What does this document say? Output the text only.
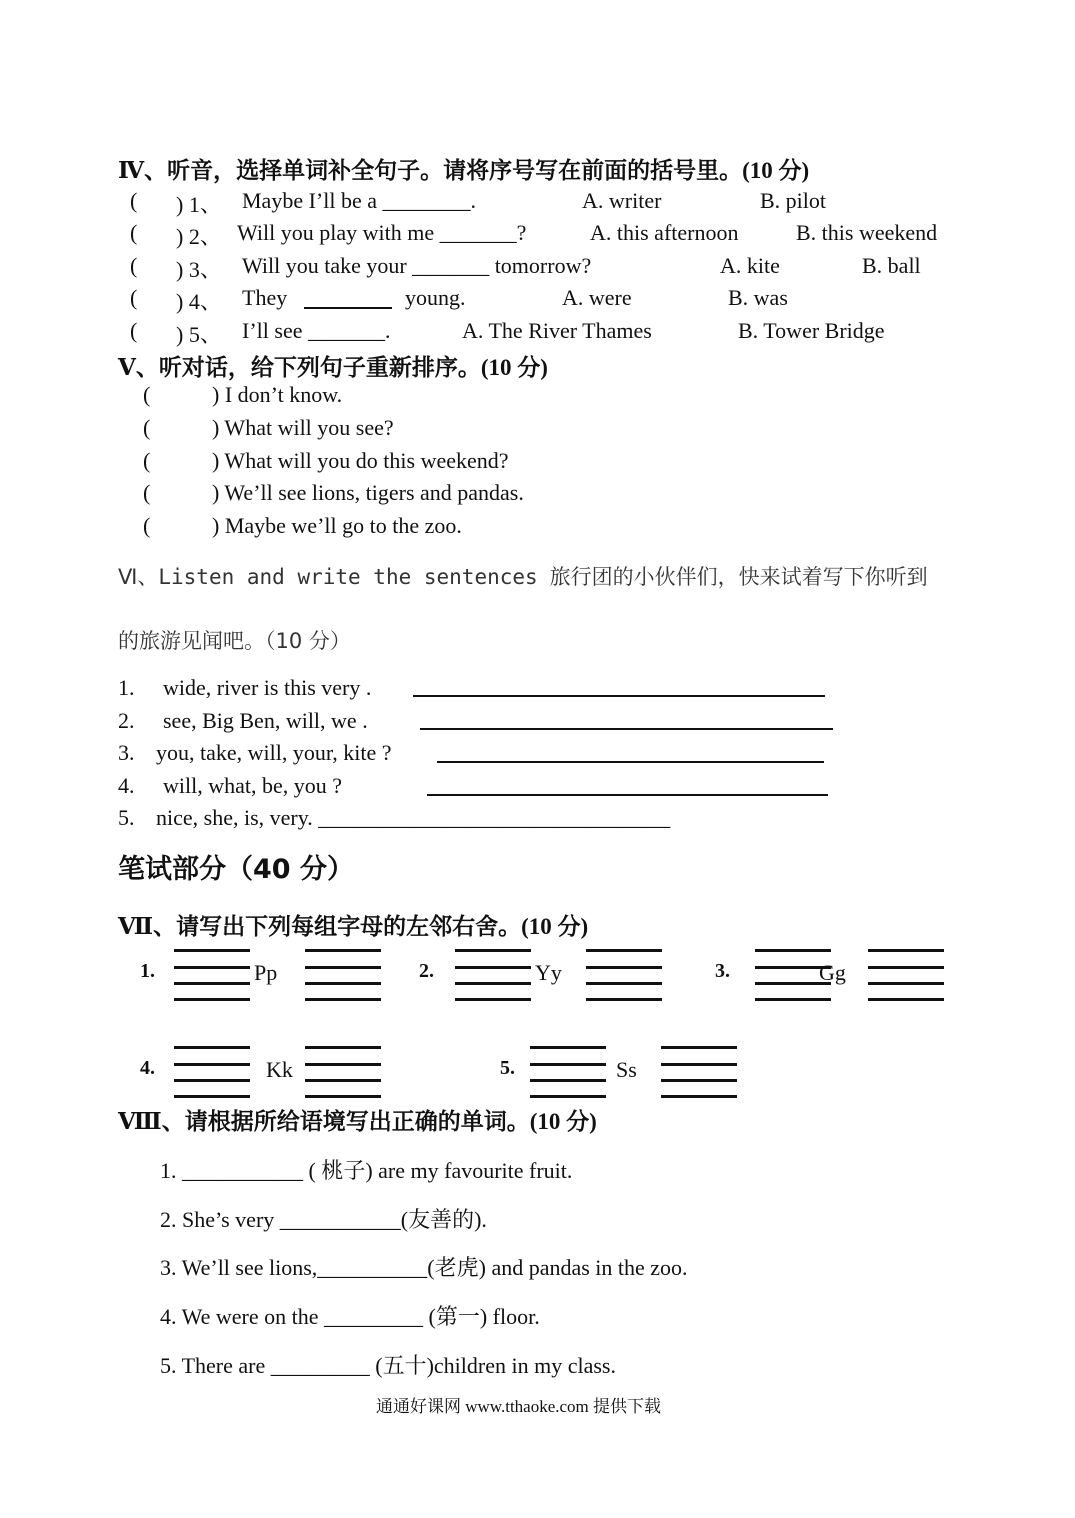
Ⅳ、听音，选择单词补全句子。请将序号写在前面的括号里。(10 分)
( ) 1、 Maybe I’ll be a ________.	A. writer	B. pilot
( ) 2、 Will you play with me _______?	A. this afternoon	B. this weekend
( ) 3、 Will you take your _______ tomorrow?	A. kite	B. ball
( ) 4、 They	young.	A. were	B. was
( ) 5、 I’ll see _______.	A. The River Thames	B. Tower Bridge
Ⅴ、听对话，给下列句子重新排序。(10 分)
(	) I don’t know.
(	) What will you see?
(	) What will you do this weekend?
(	) We’ll see lions, tigers and pandas.
(	) Maybe we’ll go to the zoo.
Ⅵ、Listen and write the sentences 旅行团的小伙伴们，快来试着写下你听到
的旅游见闻吧。（10 分）
1. wide, river is this very .
2. see, Big Ben, will, we .
3. you, take, will, your, kite ?
4. will, what, be, you ?
5. nice, she, is, very. ________________________________
笔试部分（40 分）
Ⅶ、请写出下列每组字母的左邻右舍。(10 分)
1.	Pp	2.	Yy	3.	Gg
4.	Kk	5.	Ss
Ⅷ、请根据所给语境写出正确的单词。(10 分)
1. ___________ ( 桃子) are my favourite fruit.
2. She’s very ___________(友善的).
3. We’ll see lions,__________(老虎) and pandas in the zoo.
4. We were on the _________ (第一) floor.
5. There are _________ (五十)children in my class.
通通好课网 www.tthaoke.com 提供下载
